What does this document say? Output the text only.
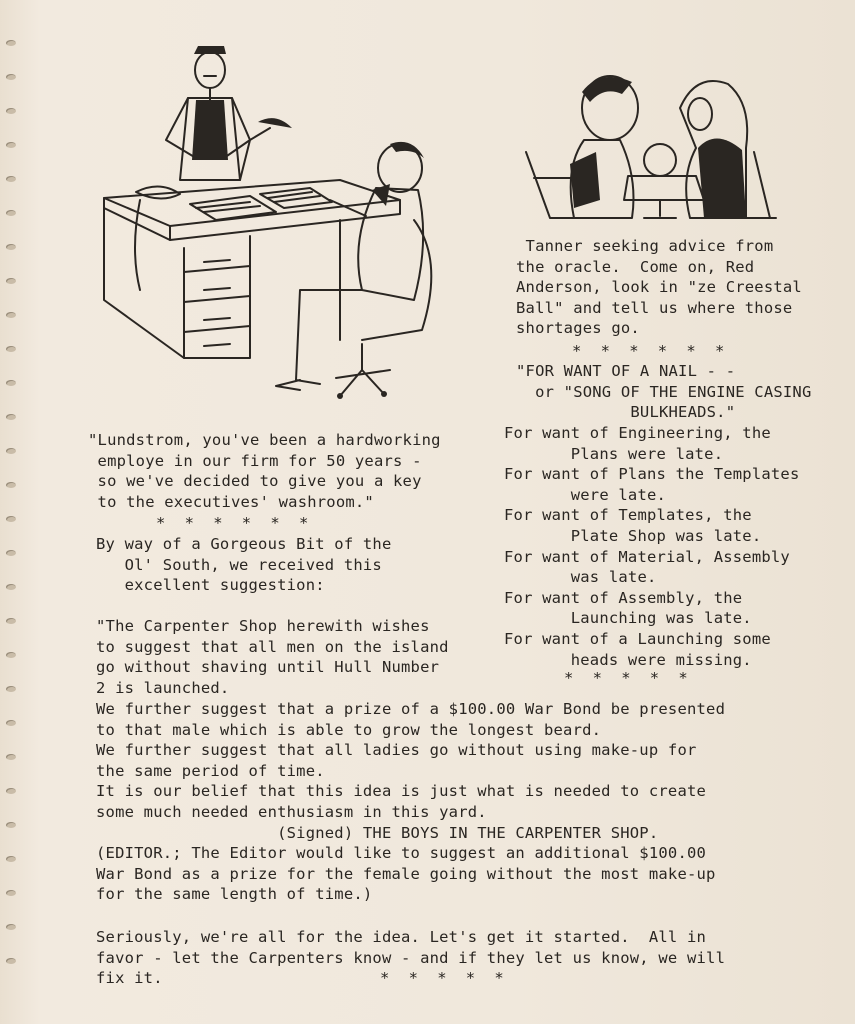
Tanner seeking advice from
the oracle.  Come on, Red
Anderson, look in "ze Creestal
Ball" and tell us where those
shortages go.
*  *  *  *  *  *
"FOR WANT OF A NAIL - -
or "SONG OF THE ENGINE CASING
BULKHEADS."
For want of Engineering, the
Plans were late.
For want of Plans the Templates
were late.
For want of Templates, the
Plate Shop was late.
For want of Material, Assembly
was late.
For want of Assembly, the
Launching was late.
For want of a Launching some
heads were missing.
*  *  *  *  *
"Lundstrom, you've been a hardworking
employe in our firm for 50 years -
so we've decided to give you a key
to the executives' washroom."
*  *  *  *  *  *
By way of a Gorgeous Bit of the
Ol' South, we received this
excellent suggestion:
"The Carpenter Shop herewith wishes
to suggest that all men on the island
go without shaving until Hull Number
2 is launched.
We further suggest that a prize of a $100.00 War Bond be presented
to that male which is able to grow the longest beard.
We further suggest that all ladies go without using make-up for
the same period of time.
It is our belief that this idea is just what is needed to create
some much needed enthusiasm in this yard.
(Signed) THE BOYS IN THE CARPENTER SHOP.
(EDITOR.; The Editor would like to suggest an additional $100.00
War Bond as a prize for the female going without the most make-up
for the same length of time.)
Seriously, we're all for the idea. Let's get it started.  All in
favor - let the Carpenters know - and if they let us know, we will
fix it.	*  *  *  *  *
